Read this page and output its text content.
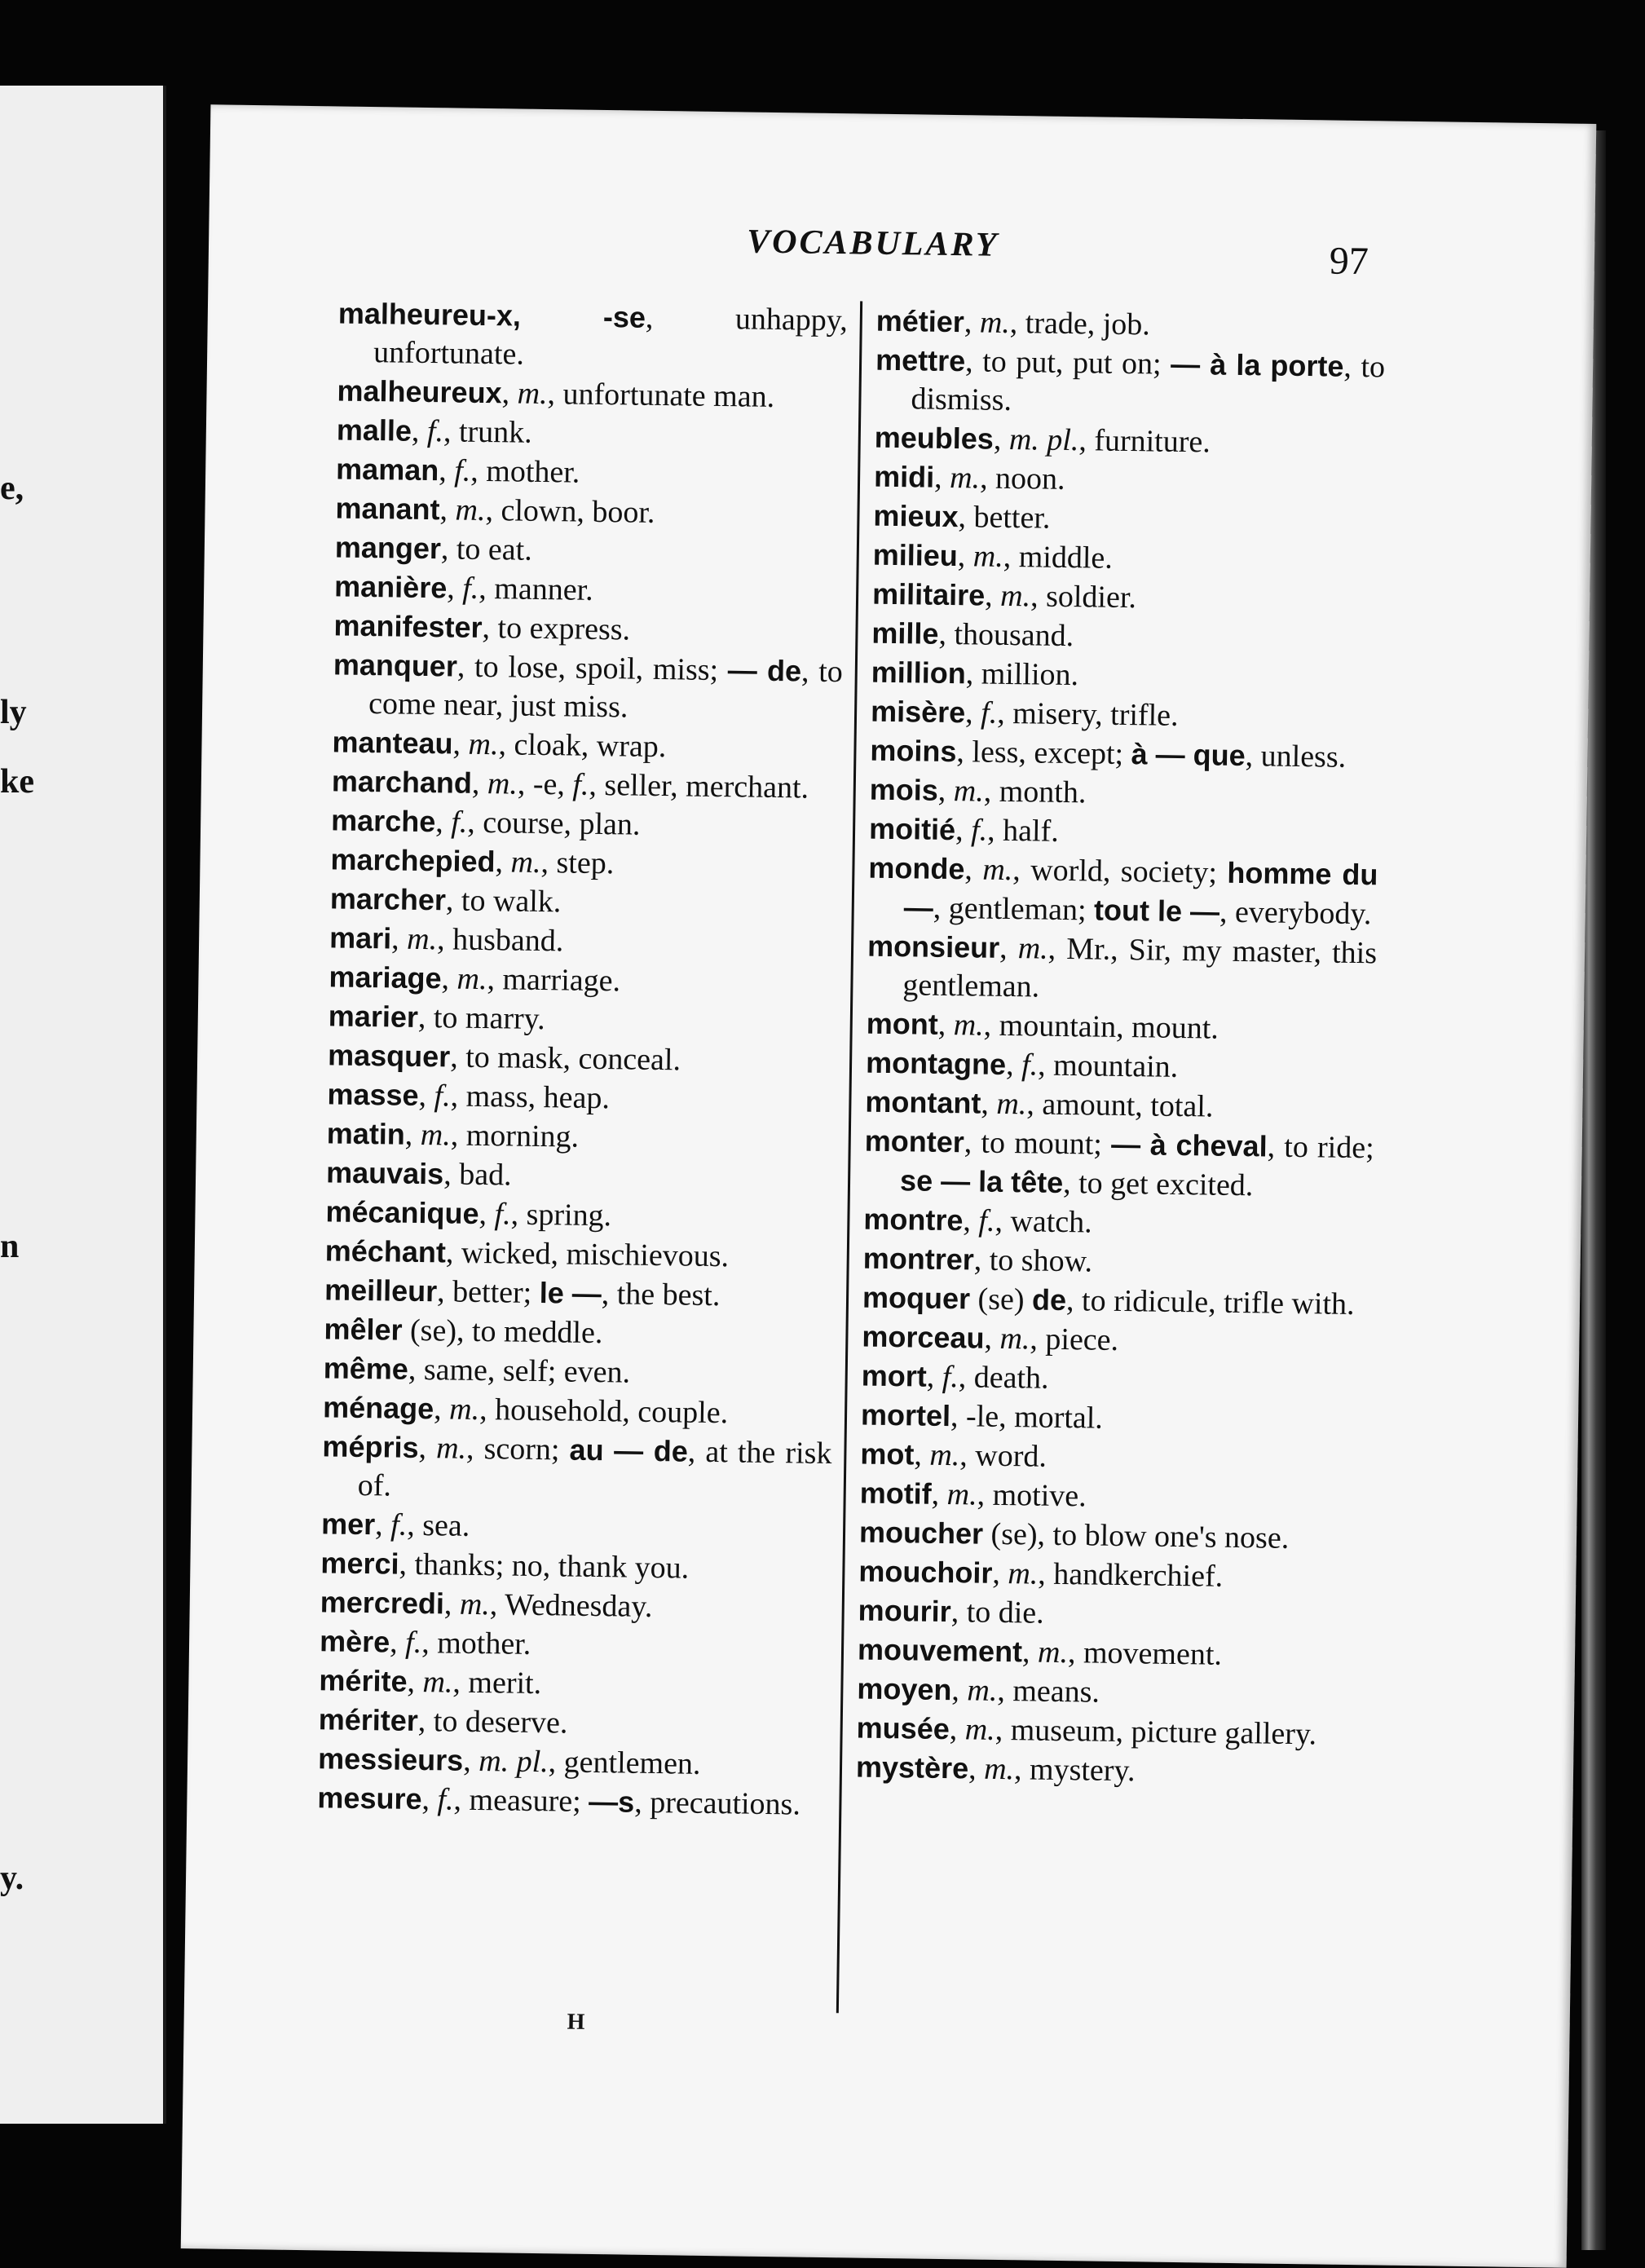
e,
ly
ke
n
y.
VOCABULARY	97
malheureu-x, -se, unhappy, unfortunate.
malheureux, m., unfortunate man.
malle, f., trunk.
maman, f., mother.
manant, m., clown, boor.
manger, to eat.
manière, f., manner.
manifester, to express.
manquer, to lose, spoil, miss; — de, to come near, just miss.
manteau, m., cloak, wrap.
marchand, m., -e, f., seller, merchant.
marche, f., course, plan.
marchepied, m., step.
marcher, to walk.
mari, m., husband.
mariage, m., marriage.
marier, to marry.
masquer, to mask, conceal.
masse, f., mass, heap.
matin, m., morning.
mauvais, bad.
mécanique, f., spring.
méchant, wicked, mischievous.
meilleur, better; le —, the best.
mêler (se), to meddle.
même, same, self; even.
ménage, m., household, couple.
mépris, m., scorn; au — de, at the risk of.
mer, f., sea.
merci, thanks; no, thank you.
mercredi, m., Wednesday.
mère, f., mother.
mérite, m., merit.
mériter, to deserve.
messieurs, m. pl., gentlemen.
mesure, f., measure; —s, precautions.
métier, m., trade, job.
mettre, to put, put on; — à la porte, to dismiss.
meubles, m. pl., furniture.
midi, m., noon.
mieux, better.
milieu, m., middle.
militaire, m., soldier.
mille, thousand.
million, million.
misère, f., misery, trifle.
moins, less, except; à — que, unless.
mois, m., month.
moitié, f., half.
monde, m., world, society; homme du —, gentleman; tout le —, everybody.
monsieur, m., Mr., Sir, my master, this gentleman.
mont, m., mountain, mount.
montagne, f., mountain.
montant, m., amount, total.
monter, to mount; — à cheval, to ride; se — la tête, to get excited.
montre, f., watch.
montrer, to show.
moquer (se) de, to ridicule, trifle with.
morceau, m., piece.
mort, f., death.
mortel, -le, mortal.
mot, m., word.
motif, m., motive.
moucher (se), to blow one's nose.
mouchoir, m., handkerchief.
mourir, to die.
mouvement, m., movement.
moyen, m., means.
musée, m., museum, picture gallery.
mystère, m., mystery.
H
